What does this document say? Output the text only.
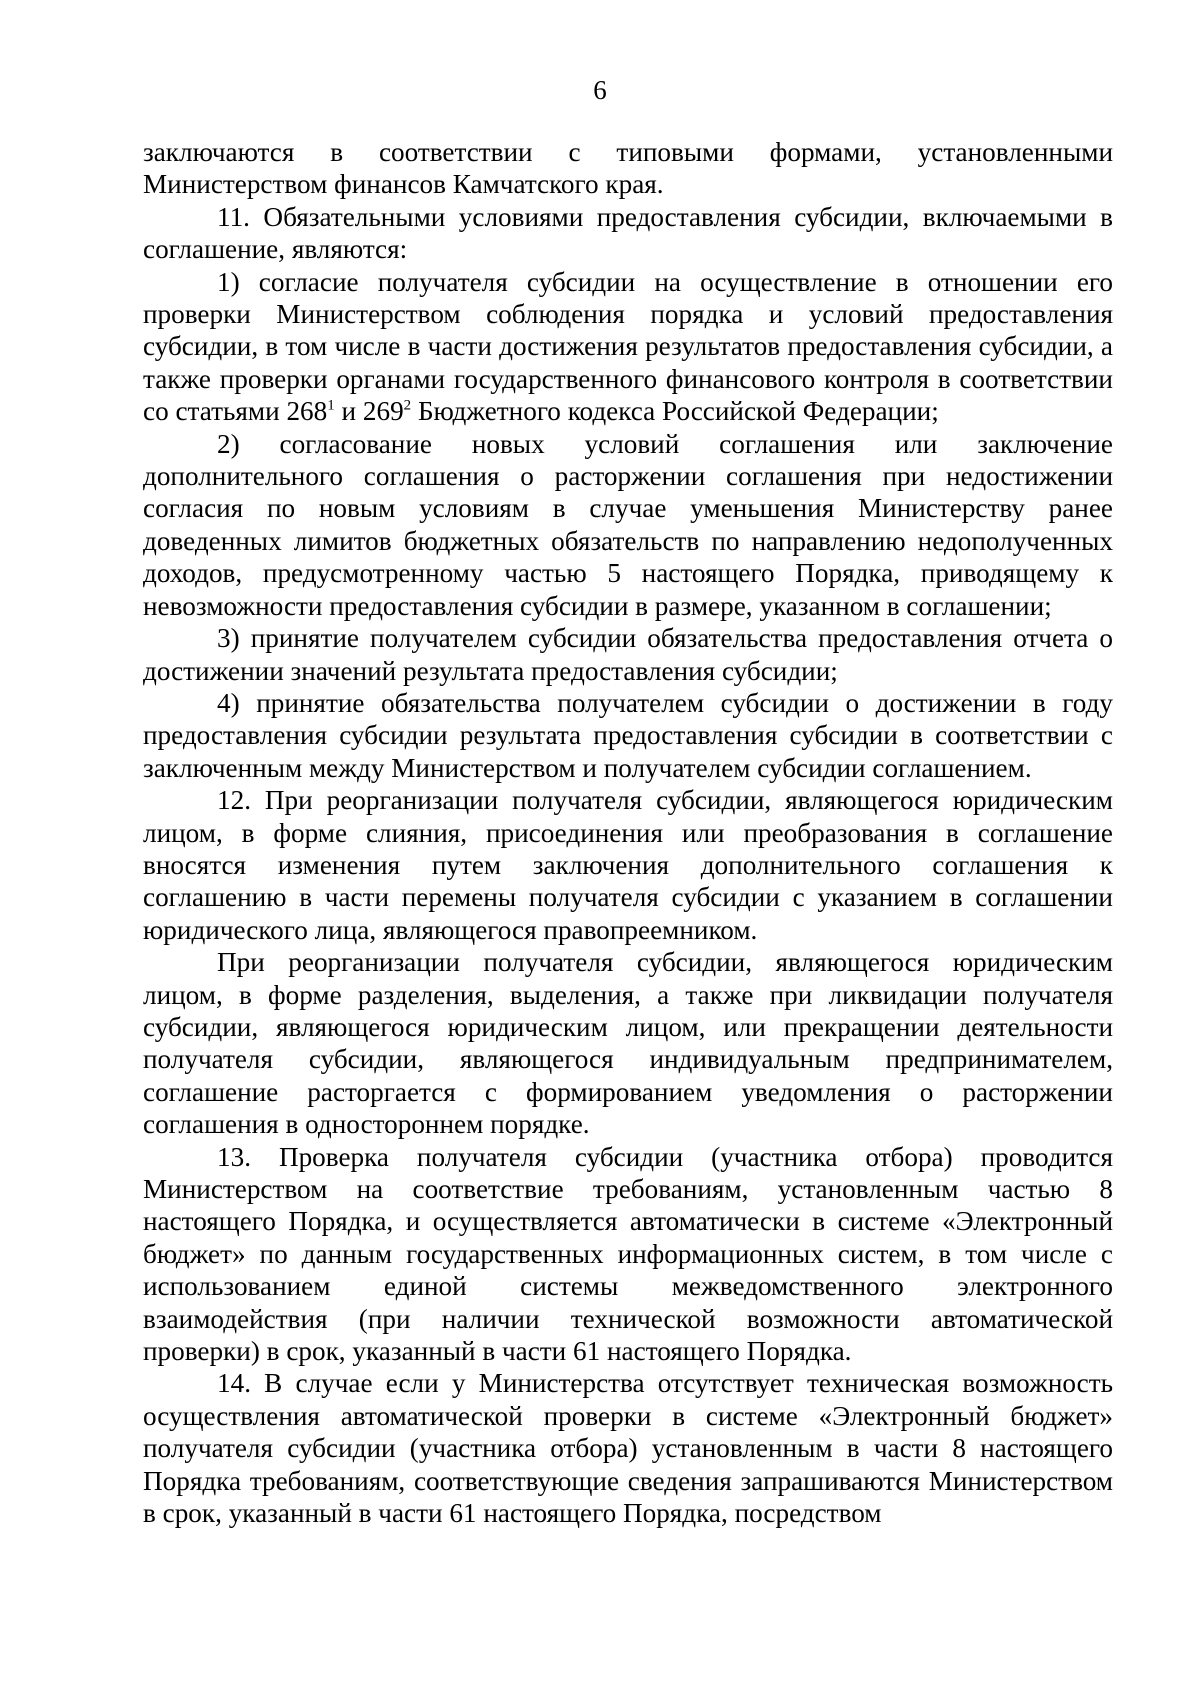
6

заключаются в соответствии с типовыми формами, установленными Министерством финансов Камчатского края.

11. Обязательными условиями предоставления субсидии, включаемыми в соглашение, являются:

1) согласие получателя субсидии на осуществление в отношении его проверки Министерством соблюдения порядка и условий предоставления субсидии, в том числе в части достижения результатов предоставления субсидии, а также проверки органами государственного финансового контроля в соответствии со статьями $268^1$ и $269^2$ Бюджетного кодекса Российской Федерации;

2) согласование новых условий соглашения или заключение дополнительного соглашения о расторжении соглашения при недостижении согласия по новым условиям в случае уменьшения Министерству ранее доведенных лимитов бюджетных обязательств по направлению недополученных доходов, предусмотренному частью 5 настоящего Порядка, приводящему к невозможности предоставления субсидии в размере, указанном в соглашении;

3) принятие получателем субсидии обязательства предоставления отчета о достижении значений результата предоставления субсидии;

4) принятие обязательства получателем субсидии о достижении в году предоставления субсидии результата предоставления субсидии в соответствии с заключенным между Министерством и получателем субсидии соглашением.

12. При реорганизации получателя субсидии, являющегося юридическим лицом, в форме слияния, присоединения или преобразования в соглашение вносятся изменения путем заключения дополнительного соглашения к соглашению в части перемены получателя субсидии с указанием в соглашении юридического лица, являющегося правопреемником.

При реорганизации получателя субсидии, являющегося юридическим лицом, в форме разделения, выделения, а также при ликвидации получателя субсидии, являющегося юридическим лицом, или прекращении деятельности получателя субсидии, являющегося индивидуальным предпринимателем, соглашение расторгается с формированием уведомления о расторжении соглашения в одностороннем порядке.

13. Проверка получателя субсидии (участника отбора) проводится Министерством на соответствие требованиям, установленным частью 8 настоящего Порядка, и осуществляется автоматически в системе «Электронный бюджет» по данным государственных информационных систем, в том числе с использованием единой системы межведомственного электронного взаимодействия (при наличии технической возможности автоматической проверки) в срок, указанный в части 61 настоящего Порядка.

14. В случае если у Министерства отсутствует техническая возможность осуществления автоматической проверки в системе «Электронный бюджет» получателя субсидии (участника отбора) установленным в части 8 настоящего Порядка требованиям, соответствующие сведения запрашиваются Министерством в срок, указанный в части 61 настоящего Порядка, посредством
